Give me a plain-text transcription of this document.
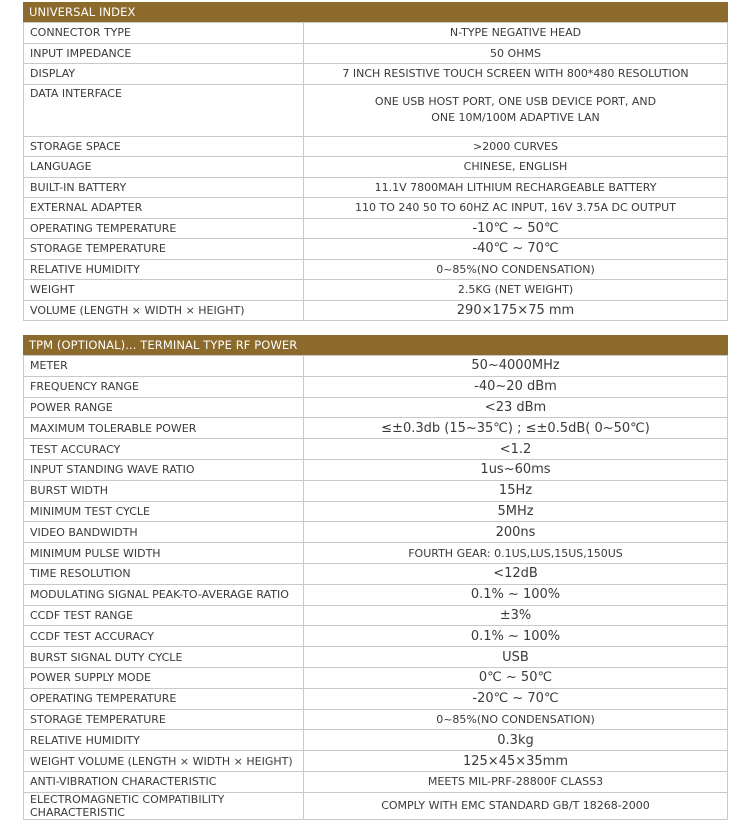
UNIVERSAL INDEX
CONNECTOR TYPE	N-TYPE NEGATIVE HEAD
INPUT IMPEDANCE	50 OHMS
DISPLAY	7 INCH RESISTIVE TOUCH SCREEN WITH 800*480 RESOLUTION
DATA INTERFACE	ONE USB HOST PORT, ONE USB DEVICE PORT, AND
ONE 10M/100M ADAPTIVE LAN

STORAGE SPACE	>2000 CURVES
LANGUAGE	CHINESE, ENGLISH
BUILT-IN BATTERY	11.1V 7800MAH LITHIUM RECHARGEABLE BATTERY
EXTERNAL ADAPTER	110 TO 240 50 TO 60HZ AC INPUT, 16V 3.75A DC OUTPUT
OPERATING TEMPERATURE	-10℃ ~ 50℃
STORAGE TEMPERATURE	-40℃ ~ 70℃
RELATIVE HUMIDITY	0~85%(NO CONDENSATION)
WEIGHT	2.5KG (NET WEIGHT)
VOLUME (LENGTH × WIDTH × HEIGHT)	290×175×75 mm
TPM (OPTIONAL)... TERMINAL TYPE RF POWER
METER	50~4000MHz
FREQUENCY RANGE	-40~20 dBm
POWER RANGE	<23 dBm
MAXIMUM TOLERABLE POWER	≤±0.3db (15~35℃) ; ≤±0.5dB( 0~50℃)
TEST ACCURACY	<1.2
INPUT STANDING WAVE RATIO	1us~60ms
BURST WIDTH	15Hz
MINIMUM TEST CYCLE	5MHz
VIDEO BANDWIDTH	200ns
MINIMUM PULSE WIDTH	FOURTH GEAR: 0.1US,LUS,15US,150US
TIME RESOLUTION	<12dB
MODULATING SIGNAL PEAK-TO-AVERAGE RATIO	0.1% ~ 100%
CCDF TEST RANGE	±3%
CCDF TEST ACCURACY	0.1% ~ 100%
BURST SIGNAL DUTY CYCLE	USB
POWER SUPPLY MODE	0℃ ~ 50℃
OPERATING TEMPERATURE	-20℃ ~ 70℃
STORAGE TEMPERATURE	0~85%(NO CONDENSATION)
RELATIVE HUMIDITY	0.3kg
WEIGHT VOLUME (LENGTH × WIDTH × HEIGHT)	125×45×35mm
ANTI-VIBRATION CHARACTERISTIC	MEETS MIL-PRF-28800F CLASS3
ELECTROMAGNETIC COMPATIBILITY CHARACTERISTIC	COMPLY WITH EMC STANDARD GB/T 18268-2000
